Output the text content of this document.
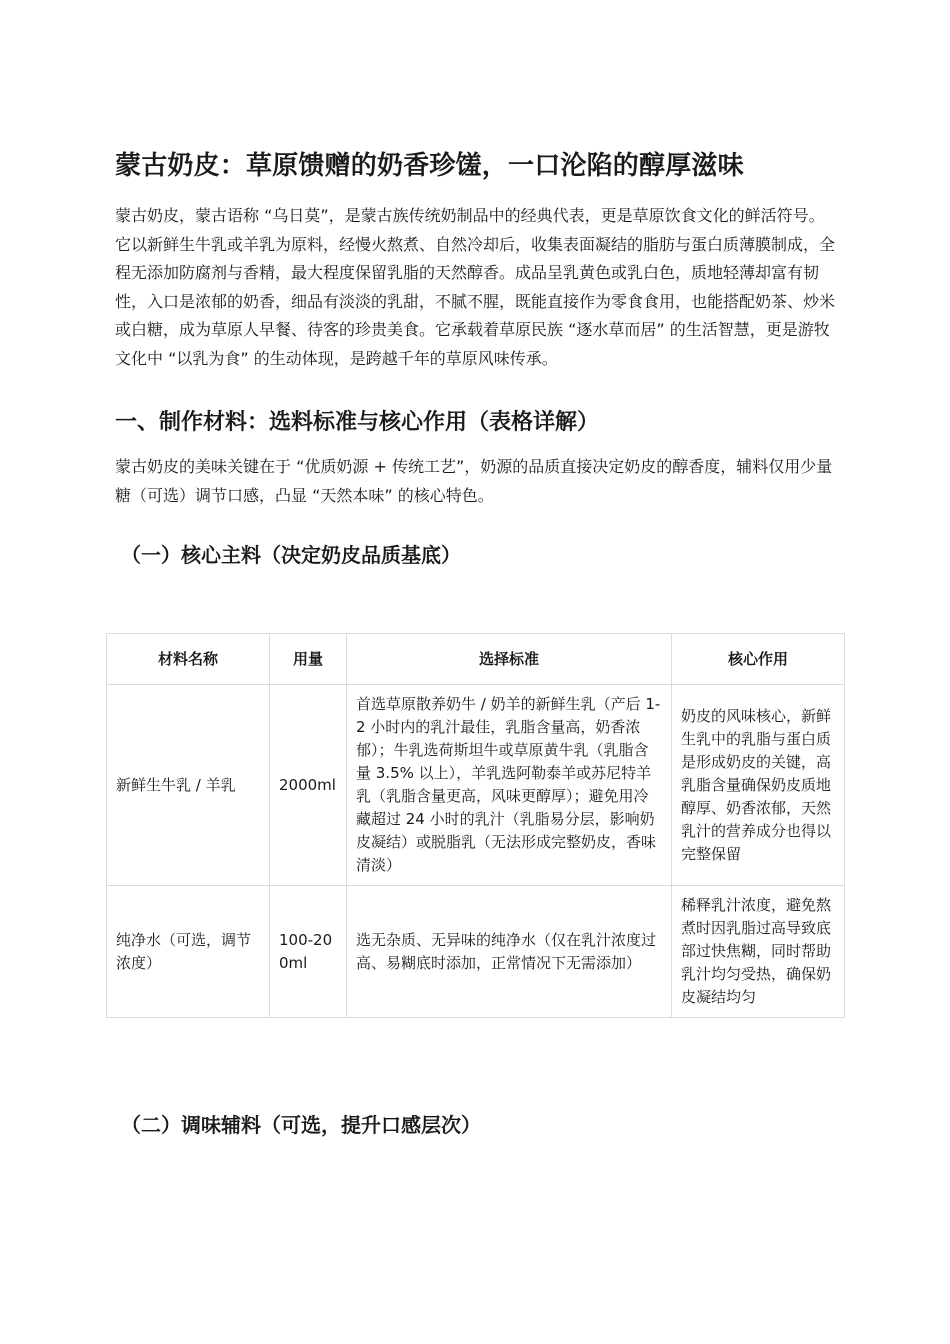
蒙古奶皮：草原馈赠的奶香珍馐，一口沦陷的醇厚滋味

蒙古奶皮，蒙古语称 “乌日莫”，是蒙古族传统奶制品中的经典代表，更是草原饮食文化的鲜活符号。它以新鲜生牛乳或羊乳为原料，经慢火熬煮、自然冷却后，收集表面凝结的脂肪与蛋白质薄膜制成，全程无添加防腐剂与香精，最大程度保留乳脂的天然醇香。成品呈乳黄色或乳白色，质地轻薄却富有韧性，入口是浓郁的奶香，细品有淡淡的乳甜，不腻不腥，既能直接作为零食食用，也能搭配奶茶、炒米或白糖，成为草原人早餐、待客的珍贵美食。它承载着草原民族 “逐水草而居” 的生活智慧，更是游牧文化中 “以乳为食” 的生动体现，是跨越千年的草原风味传承。

一、制作材料：选料标准与核心作用（表格详解）

蒙古奶皮的美味关键在于 “优质奶源 + 传统工艺”，奶源的品质直接决定奶皮的醇香度，辅料仅用少量糖（可选）调节口感，凸显 “天然本味” 的核心特色。

（一）核心主料（决定奶皮品质基底）
材料名称	用量	选择标准	核心作用
新鲜生牛乳 / 羊乳	2000ml	首选草原散养奶牛 / 奶羊的新鲜生乳（产后 1-2 小时内的乳汁最佳，乳脂含量高，奶香浓郁）；牛乳选荷斯坦牛或草原黄牛乳（乳脂含量 3.5% 以上），羊乳选阿勒泰羊或苏尼特羊乳（乳脂含量更高，风味更醇厚）；避免用冷藏超过 24 小时的乳汁（乳脂易分层，影响奶皮凝结）或脱脂乳（无法形成完整奶皮，香味清淡）	奶皮的风味核心，新鲜生乳中的乳脂与蛋白质是形成奶皮的关键，高乳脂含量确保奶皮质地醇厚、奶香浓郁，天然乳汁的营养成分也得以完整保留
纯净水（可选，调节浓度）	100-200ml	选无杂质、无异味的纯净水（仅在乳汁浓度过高、易糊底时添加，正常情况下无需添加）	稀释乳汁浓度，避免熬煮时因乳脂过高导致底部过快焦糊，同时帮助乳汁均匀受热，确保奶皮凝结均匀
（二）调味辅料（可选，提升口感层次）
